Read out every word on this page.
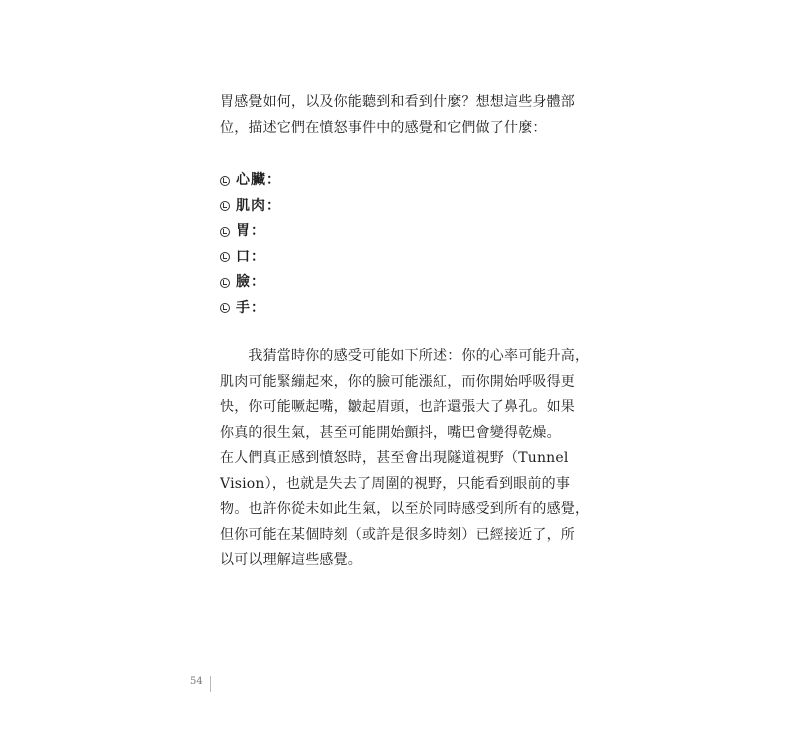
胃感覺如何，以及你能聽到和看到什麼？想想這些身體部

位，描述它們在憤怒事件中的感覺和它們做了什麼：

心臟：
肌肉：
胃：
口：
臉：
手：
　　我猜當時你的感受可能如下所述：你的心率可能升高，
肌肉可能緊繃起來，你的臉可能漲紅，而你開始呼吸得更
快，你可能噘起嘴，皺起眉頭，也許還張大了鼻孔。如果
你真的很生氣，甚至可能開始顫抖，嘴巴會變得乾燥。
在人們真正感到憤怒時，甚至會出現隧道視野（Tunnel
Vision），也就是失去了周圍的視野，只能看到眼前的事
物。也許你從未如此生氣，以至於同時感受到所有的感覺，
但你可能在某個時刻（或許是很多時刻）已經接近了，所
以可以理解這些感覺。
54
